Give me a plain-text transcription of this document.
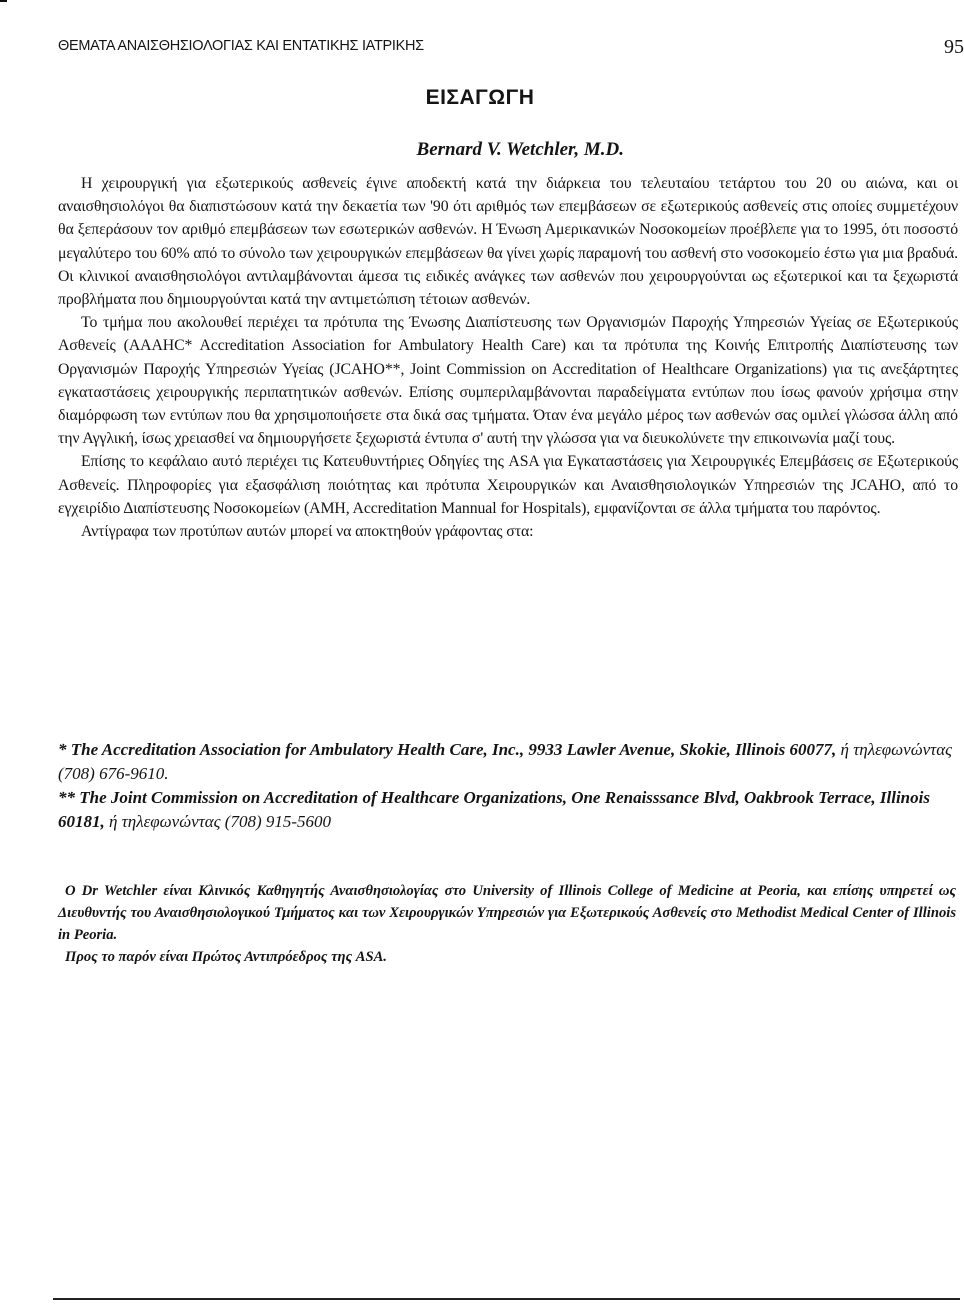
ΘΕΜΑΤΑ ΑΝΑΙΣΘΗΣΙΟΛΟΓΙΑΣ ΚΑΙ ΕΝΤΑΤΙΚΗΣ ΙΑΤΡΙΚΗΣ	95
ΕΙΣΑΓΩΓΗ
Bernard V. Wetchler, M.D.

Η χειρουργική για εξωτερικούς ασθενείς έγινε αποδεκτή κατά την διάρκεια του τελευταίου τετάρτου του 20 ου αιώνα, και οι αναισθησιολόγοι θα διαπιστώσουν κατά την δεκαετία των '90 ότι αριθμός των επεμβάσεων σε εξωτερικούς ασθενείς στις οποίες συμμετέχουν θα ξεπεράσουν τον αριθμό επεμβάσεων των εσωτερικών ασθενών. Η Ένωση Αμερικανικών Νοσοκομείων προέβλεπε για το 1995, ότι ποσοστό μεγαλύτερο του 60% από το σύνολο των χειρουργικών επεμβάσεων θα γίνει χωρίς παραμονή του ασθενή στο νοσοκομείο έστω για μια βραδυά. Οι κλινικοί αναισθησιολόγοι αντιλαμβάνονται άμεσα τις ειδικές ανάγκες των ασθενών που χειρουργούνται ως εξωτερικοί και τα ξεχωριστά προβλήματα που δημιουργούνται κατά την αντιμετώπιση τέτοιων ασθενών.

Το τμήμα που ακολουθεί περιέχει τα πρότυπα της Ένωσης Διαπίστευσης των Οργανισμών Παροχής Υπηρεσιών Υγείας σε Εξωτερικούς Ασθενείς (AAAHC* Accreditation Association for Ambulatory Health Care) και τα πρότυπα της Κοινής Επιτροπής Διαπίστευσης των Οργανισμών Παροχής Υπηρεσιών Υγείας (JCAHO**, Joint Commission on Accreditation of Healthcare Organizations) για τις ανεξάρτητες εγκαταστάσεις χειρουργικής περιπατητικών ασθενών. Επίσης συμπεριλαμβάνονται παραδείγματα εντύπων που ίσως φανούν χρήσιμα στην διαμόρφωση των εντύπων που θα χρησιμοποιήσετε στα δικά σας τμήματα. Όταν ένα μεγάλο μέρος των ασθενών σας ομιλεί γλώσσα άλλη από την Αγγλική, ίσως χρειασθεί να δημιουργήσετε ξεχωριστά έντυπα σ' αυτή την γλώσσα για να διευκολύνετε την επικοινωνία μαζί τους.

Επίσης το κεφάλαιο αυτό περιέχει τις Κατευθυντήριες Οδηγίες της ASA για Εγκαταστάσεις για Χειρουργικές Επεμβάσεις σε Εξωτερικούς Ασθενείς. Πληροφορίες για εξασφάλιση ποιότητας και πρότυπα Χειρουργικών και Αναισθησιολογικών Υπηρεσιών της JCAHO, από το εγχειρίδιο Διαπίστευσης Νοσοκομείων (AMH, Accreditation Mannual for Hospitals), εμφανίζονται σε άλλα τμήματα του παρόντος.

Αντίγραφα των προτύπων αυτών μπορεί να αποκτηθούν γράφοντας στα:

* The Accreditation Association for Ambulatory Health Care, Inc., 9933 Lawler Avenue, Skokie, Illinois 60077, ή τηλεφωνώντας (708) 676-9610.

** The Joint Commission on Accreditation of Healthcare Organizations, One Renaisssance Blvd, Oakbrook Terrace, Illinois 60181, ή τηλεφωνώντας (708) 915-5600

O Dr Wetchler είναι Κλινικός Καθηγητής Αναισθησιολογίας στο University of Illinois College of Medicine at Peoria, και επίσης υπηρετεί ως Διευθυντής του Αναισθησιολογικού Τμήματος και των Χειρουργικών Υπηρεσιών για Εξωτερικούς Ασθενείς στο Methodist Medical Center of Illinois in Peoria.

Προς το παρόν είναι Πρώτος Αντιπρόεδρος της ASA.
